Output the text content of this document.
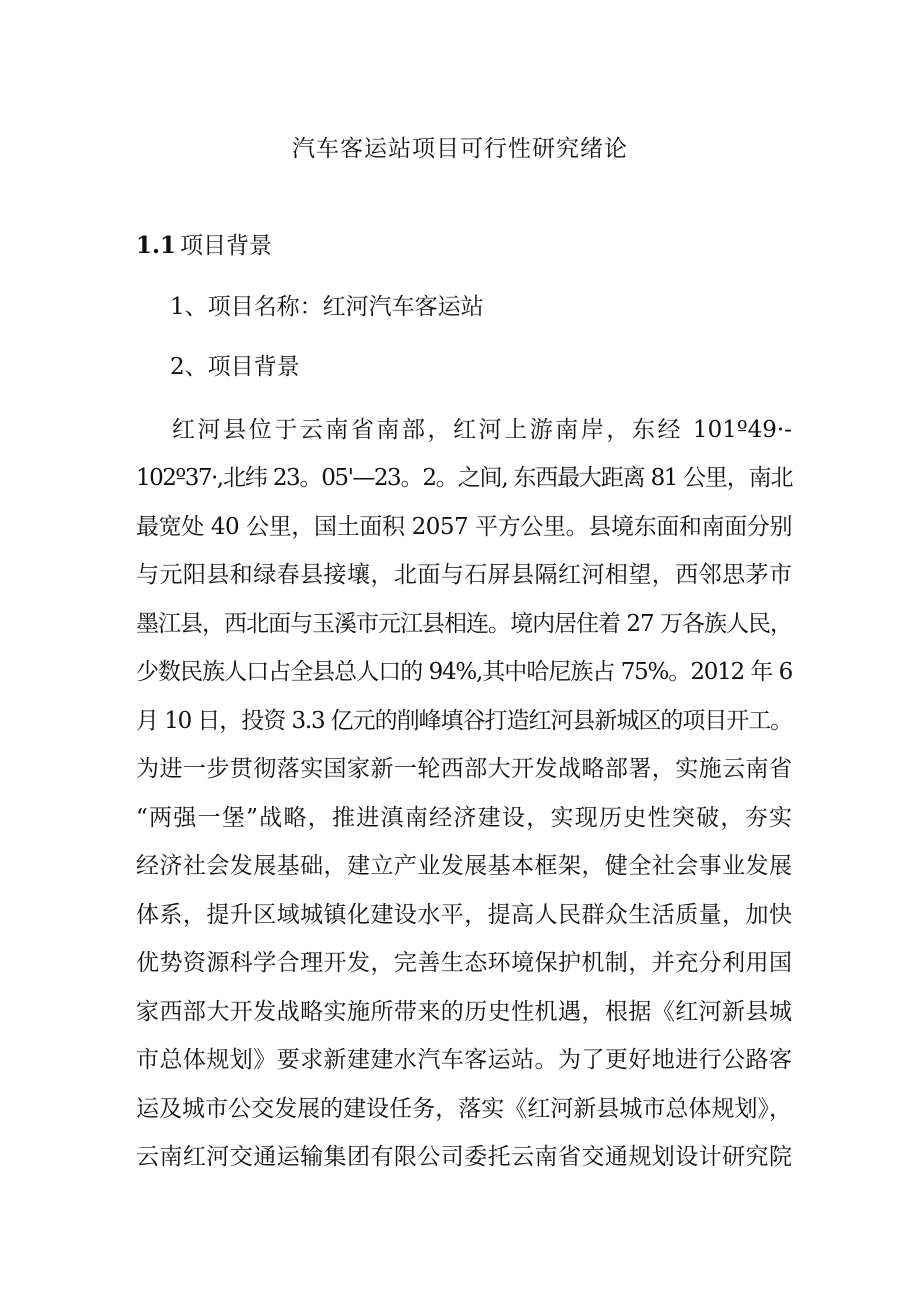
汽车客运站项目可行性研究绪论
1.1 项目背景
1、项目名称：红河汽车客运站
2、项目背景
红河县位于云南省南部，红河上游南岸，东经 101º49·-
102º37·,北纬 23。05'—23。2。之间, 东西最大距离 81 公里，南北
最宽处 40 公里，国土面积 2057 平方公里。县境东面和南面分别
与元阳县和绿春县接壤，北面与石屏县隔红河相望，西邻思茅市
墨江县，西北面与玉溪市元江县相连。境内居住着 27 万各族人民，
少数民族人口占全县总人口的 94%,其中哈尼族占 75%。2012 年 6
月 10 日，投资 3.3 亿元的削峰填谷打造红河县新城区的项目开工。
为进一步贯彻落实国家新一轮西部大开发战略部署，实施云南省
“两强一堡”战略，推进滇南经济建设，实现历史性突破，夯实
经济社会发展基础，建立产业发展基本框架，健全社会事业发展
体系，提升区域城镇化建设水平，提高人民群众生活质量，加快
优势资源科学合理开发，完善生态环境保护机制，并充分利用国
家西部大开发战略实施所带来的历史性机遇，根据《红河新县城
市总体规划》要求新建建水汽车客运站。为了更好地进行公路客
运及城市公交发展的建设任务，落实《红河新县城市总体规划》，
云南红河交通运输集团有限公司委托云南省交通规划设计研究院
